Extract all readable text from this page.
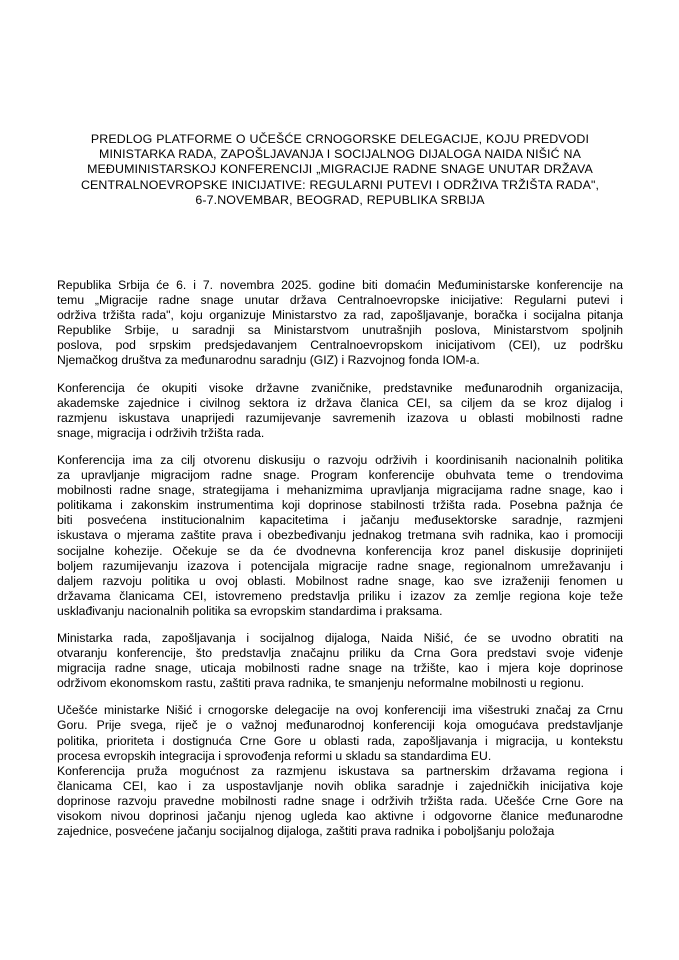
PREDLOG PLATFORME O UČEŠĆE CRNOGORSKE DELEGACIJE, KOJU PREDVODI
MINISTARKA RADA, ZAPOŠLJAVANJA I SOCIJALNOG DIJALOGA NAIDA NIŠIĆ NA
MEĐUMINISTARSKOJ KONFERENCIJI „MIGRACIJE RADNE SNAGE UNUTAR DRŽAVA
CENTRALNOEVROPSKE INICIJATIVE: REGULARNI PUTEVI I ODRŽIVA TRŽIŠTA RADA",
6-7.NOVEMBAR, BEOGRAD, REPUBLIKA SRBIJA

Republika Srbija će 6. i 7. novembra 2025. godine biti domaćin Međuministarske konferencije na
temu „Migracije radne snage unutar država Centralnoevropske inicijative: Regularni putevi i
održiva tržišta rada", koju organizuje Ministarstvo za rad, zapošljavanje, boračka i socijalna pitanja
Republike Srbije, u saradnji sa Ministarstvom unutrašnjih poslova, Ministarstvom spoljnih
poslova, pod srpskim predsjedavanjem Centralnoevropskom inicijativom (CEI), uz podršku
Njemačkog društva za međunarodnu saradnju (GIZ) i Razvojnog fonda IOM-a.

Konferencija će okupiti visoke državne zvaničnike, predstavnike međunarodnih organizacija,
akademske zajednice i civilnog sektora iz država članica CEI, sa ciljem da se kroz dijalog i
razmjenu iskustava unaprijedi razumijevanje savremenih izazova u oblasti mobilnosti radne
snage, migracija i održivih tržišta rada.

Konferencija ima za cilj otvorenu diskusiju o razvoju održivih i koordinisanih nacionalnih politika
za upravljanje migracijom radne snage. Program konferencije obuhvata teme o trendovima
mobilnosti radne snage, strategijama i mehanizmima upravljanja migracijama radne snage, kao i
politikama i zakonskim instrumentima koji doprinose stabilnosti tržišta rada. Posebna pažnja će
biti posvećena institucionalnim kapacitetima i jačanju međusektorske saradnje, razmjeni
iskustava o mjerama zaštite prava i obezbeđivanju jednakog tretmana svih radnika, kao i promociji
socijalne kohezije. Očekuje se da će dvodnevna konferencija kroz panel diskusije doprinijeti
boljem razumijevanju izazova i potencijala migracije radne snage, regionalnom umrežavanju i
daljem razvoju politika u ovoj oblasti. Mobilnost radne snage, kao sve izraženiji fenomen u
državama članicama CEI, istovremeno predstavlja priliku i izazov za zemlje regiona koje teže
usklađivanju nacionalnih politika sa evropskim standardima i praksama.

Ministarka rada, zapošljavanja i socijalnog dijaloga, Naida Nišić, će se uvodno obratiti na
otvaranju konferencije, što predstavlja značajnu priliku da Crna Gora predstavi svoje viđenje
migracija radne snage, uticaja mobilnosti radne snage na tržište, kao i mjera koje doprinose
održivom ekonomskom rastu, zaštiti prava radnika, te smanjenju neformalne mobilnosti u regionu.

Učešće ministarke Nišić i crnogorske delegacije na ovoj konferenciji ima višestruki značaj za Crnu
Goru. Prije svega, riječ je o važnoj međunarodnoj konferenciji koja omogućava predstavljanje
politika, prioriteta i dostignuća Crne Gore u oblasti rada, zapošljavanja i migracija, u kontekstu
procesa evropskih integracija i sprovođenja reformi u skladu sa standardima EU.

Konferencija pruža mogućnost za razmjenu iskustava sa partnerskim državama regiona i
članicama CEI, kao i za uspostavljanje novih oblika saradnje i zajedničkih inicijativa koje
doprinose razvoju pravedne mobilnosti radne snage i održivih tržišta rada. Učešće Crne Gore na
visokom nivou doprinosi jačanju njenog ugleda kao aktivne i odgovorne članice međunarodne
zajednice, posvećene jačanju socijalnog dijaloga, zaštiti prava radnika i poboljšanju položaja
